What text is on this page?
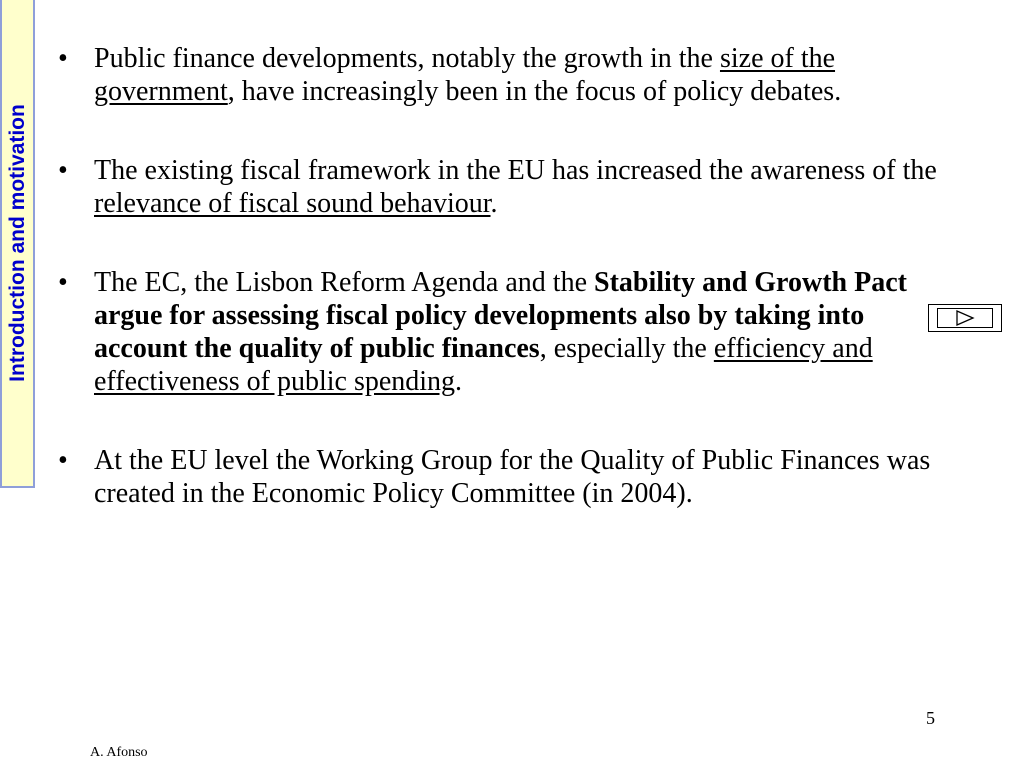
Introduction and motivation
• Public finance developments, notably the growth in the size of the government, have increasingly been in the focus of policy debates.
• The existing fiscal framework in the EU has increased the awareness of the relevance of fiscal sound behaviour.
• The EC, the Lisbon Reform Agenda and the Stability and Growth Pact argue for assessing fiscal policy developments also by taking into account the quality of public finances, especially the efficiency and effectiveness of public spending.
• At the EU level the Working Group for the Quality of Public Finances was created in the Economic Policy Committee (in 2004).
5
A. Afonso
